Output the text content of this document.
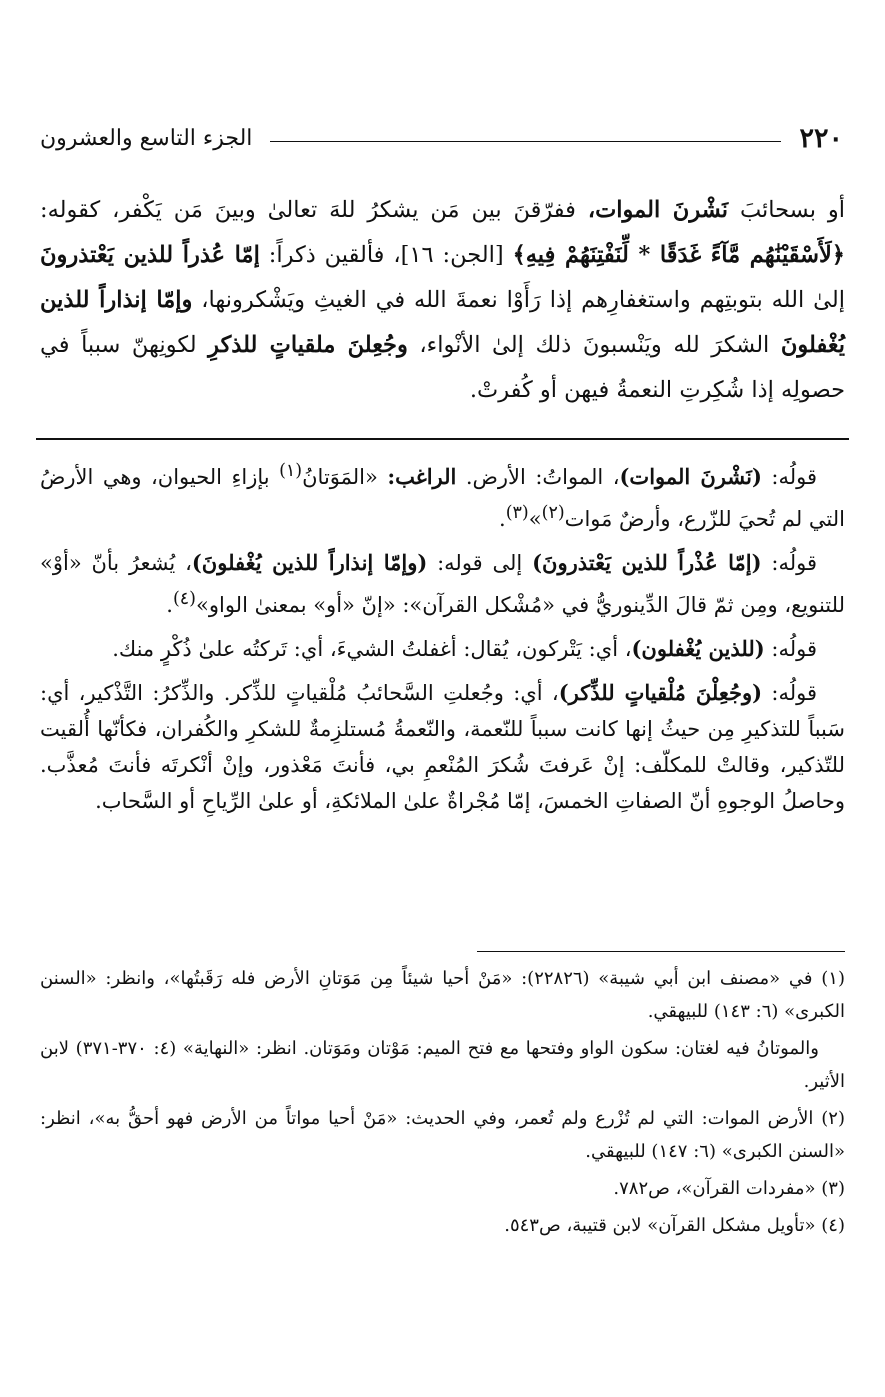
٢٢٠
الجزء التاسع والعشرون

أو بسحائبَ نَشْرنَ الموات، ففرّقنَ بين مَن يشكرُ للهَ تعالىٰ وبينَ مَن يَكْفر، كقوله: ﴿لَأَسْقَيْنَٰهُم مَّآءً غَدَقًا * لِّنَفْتِنَهُمْ فِيهِ﴾ [الجن: ١٦]، فألقين ذكراً: إمّا عُذراً للذين يَعْتذرونَ إلىٰ الله بتوبتِهم واستغفارِهم إذا رَأَوْا نعمةَ الله في الغيثِ ويَشْكرونها، وإمّا إنذاراً للذين يُغْفلونَ الشكرَ لله ويَنْسبونَ ذلك إلىٰ الأنْواء، وجُعِلنَ ملقياتٍ للذكرِ لكونِهنّ سبباً في حصولِه إذا شُكِرتِ النعمةُ فيهن أو كُفرتْ.

قولُه: (نَشْرنَ الموات)، المواتُ: الأرض. الراغب: «المَوَتانُ$^{(١)}$ بإزاءِ الحيوان، وهي الأرضُ التي لم تُحيَ للزّرع، وأرضٌ مَوات$^{(٢)}$»$^{(٣)}$.

قولُه: (إمّا عُذْراً للذين يَعْتذرونَ) إلى قوله: (وإمّا إنذاراً للذين يُغْفلونَ)، يُشعرُ بأنّ «أوْ» للتنويع، ومِن ثمّ قالَ الدِّينوريُّ في «مُشْكل القرآن»: «إنّ «أو» بمعنىٰ الواو»$^{(٤)}$.

قولُه: (للذين يُغْفلون)، أي: يَتْركون، يُقال: أغفلتُ الشيءَ، أي: تَركتُه علىٰ ذُكْرٍ منك.

قولُه: (وجُعِلْنَ مُلْقياتٍ للذِّكر)، أي: وجُعلتِ السَّحائبُ مُلْقياتٍ للذِّكر. والذِّكرُ: التَّذْكير، أي: سَبباً للتذكيرِ مِن حيثُ إنها كانت سبباً للنّعمة، والنّعمةُ مُستلزِمةٌ للشكرِ والكُفران، فكأنّها أُلقيت للتّذكير، وقالتْ للمكلّف: إنْ عَرفتَ شُكرَ المُنْعمِ بي، فأنتَ مَعْذور، وإنْ أنْكرتَه فأنتَ مُعذَّب. وحاصلُ الوجوهِ أنّ الصفاتِ الخمسَ، إمّا مُجْراةٌ علىٰ الملائكةِ، أو علىٰ الرِّياحِ أو السَّحاب.

(١) في «مصنف ابن أبي شيبة» (٢٢٨٢٦): «مَنْ أحيا شيئاً مِن مَوَتانِ الأرض فله رَقَبتُها»، وانظر: «السنن الكبرى» (٦: ١٤٣) للبيهقي.

والموتانُ فيه لغتان: سكون الواو وفتحها مع فتح الميم: مَوْتان ومَوَتان. انظر: «النهاية» (٤: ٣٧٠-٣٧١) لابن الأثير.

(٢) الأرض الموات: التي لم تُزْرع ولم تُعمر، وفي الحديث: «مَنْ أحيا مواتاً من الأرض فهو أحقُّ به»، انظر: «السنن الكبرى» (٦: ١٤٧) للبيهقي.

(٣) «مفردات القرآن»، ص٧٨٢.

(٤) «تأويل مشكل القرآن» لابن قتيبة، ص٥٤٣.
